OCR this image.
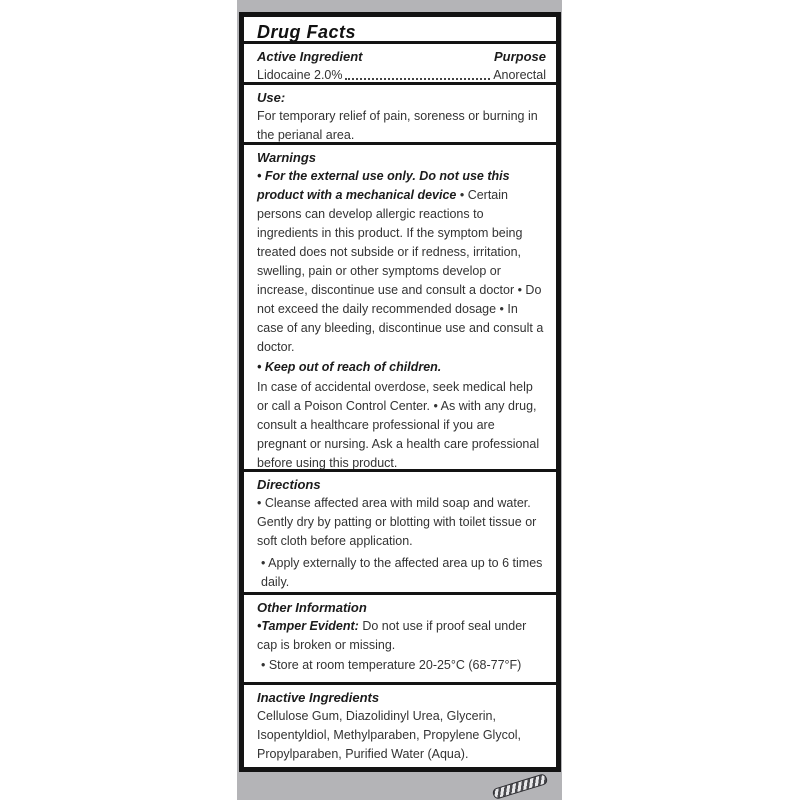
Drug Facts
Active Ingredient	Purpose
Lidocaine 2.0%	Anorectal
Use:
For temporary relief of pain, soreness or burning in the perianal area.
Warnings

• For the external use only. Do not use this product with a mechanical device • Certain persons can develop allergic reactions to ingredients in this product. If the symptom being treated does not subside or if redness, irritation, swelling, pain or other symptoms develop or increase, discontinue use and consult a doctor • Do not exceed the daily recommended dosage • In case of any bleeding, discontinue use and consult a doctor.

• Keep out of reach of children.

In case of accidental overdose, seek medical help or call a Poison Control Center. • As with any drug, consult a healthcare professional if you are pregnant or nursing. Ask a health care professional before using this product.

Directions

• Cleanse affected area with mild soap and water. Gently dry by patting or blotting with toilet tissue or soft cloth before application.

• Apply externally to the affected area up to 6 times daily.

Other Information

•Tamper Evident: Do not use if proof seal under cap is broken or missing.

• Store at room temperature 20-25°C (68-77°F)

Inactive Ingredients

Cellulose Gum, Diazolidinyl Urea, Glycerin, Isopentyldiol, Methylparaben, Propylene Glycol, Propylparaben, Purified Water (Aqua).
